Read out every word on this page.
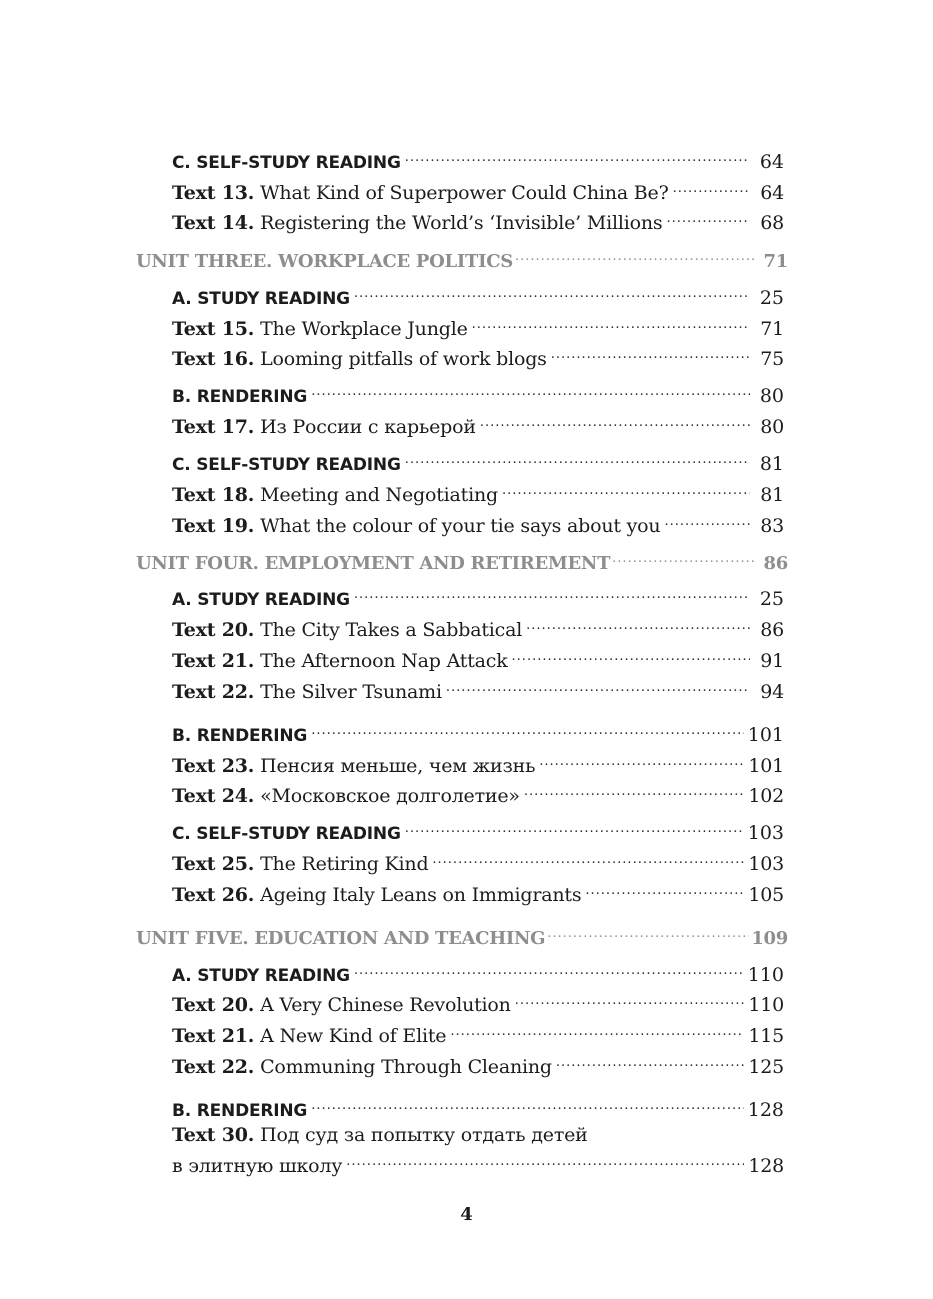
C. SELF-STUDY READING .....	64
Text 13. What Kind of Superpower Could China Be? .....	64
Text 14. Registering the World’s ‘Invisible’ Millions .....	68
UNIT THREE. WORKPLACE POLITICS .....	71
A. STUDY READING .....	25
Text 15. The Workplace Jungle .....	71
Text 16. Looming pitfalls of work blogs .....	75
B. RENDERING .....	80
Text 17. Из России с карьерой .....	80
C. SELF-STUDY READING .....	81
Text 18. Meeting and Negotiating .....	81
Text 19. What the colour of your tie says about you .....	83
UNIT FOUR. EMPLOYMENT AND RETIREMENT .....	86
A. STUDY READING .....	25
Text 20. The City Takes a Sabbatical .....	86
Text 21. The Afternoon Nap Attack .....	91
Text 22. The Silver Tsunami .....	94
B. RENDERING .....	101
Text 23. Пенсия меньше, чем жизнь .....	101
Text 24. «Московское долголетие» .....	102
C. SELF-STUDY READING .....	103
Text 25. The Retiring Kind .....	103
Text 26. Ageing Italy Leans on Immigrants .....	105
UNIT FIVE. EDUCATION AND TEACHING .....	109
A. STUDY READING .....	110
Text 20. A Very Chinese Revolution .....	110
Text 21. A New Kind of Elite .....	115
Text 22. Communing Through Cleaning .....	125
B. RENDERING .....	128
Text 30. Под суд за попытку отдать детей
в элитную школу .....	128
4
